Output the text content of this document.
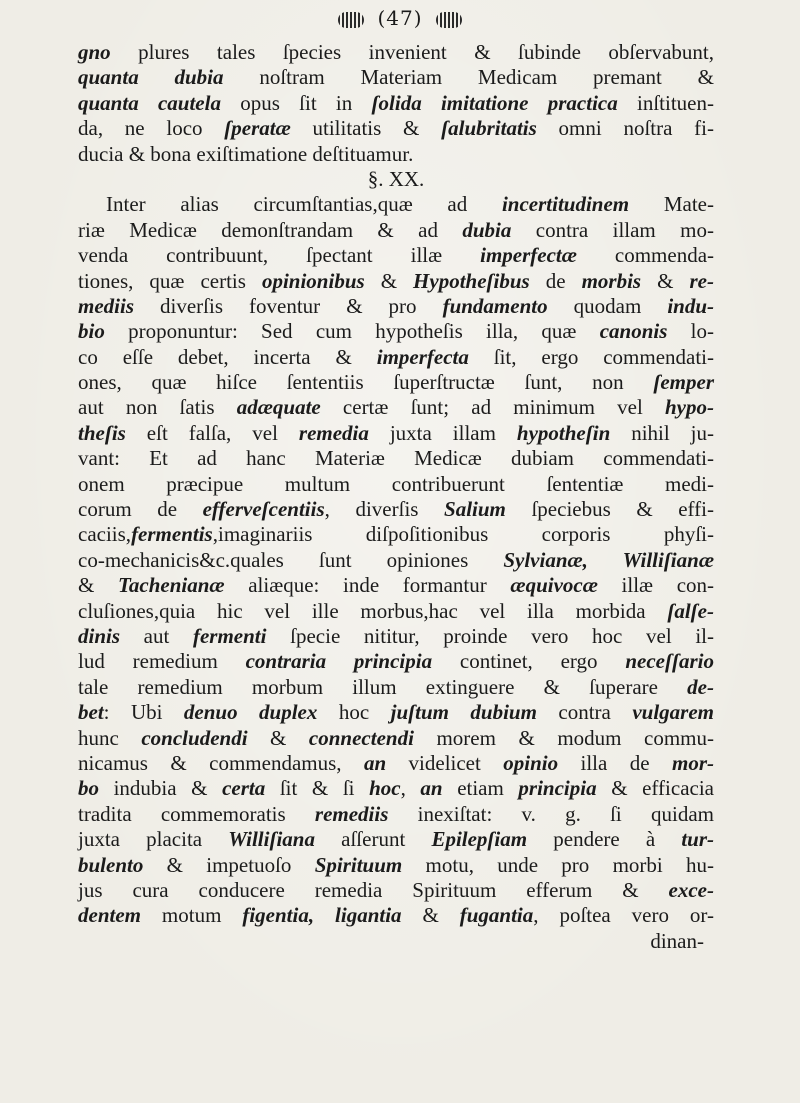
(47)
gno plures tales ſpecies invenient & ſubinde obſervabunt,
quanta dubia noſtram Materiam Medicam premant &
quanta cautela opus ſit in ſolida imitatione practica inſtituen-
da, ne loco ſperatæ utilitatis & ſalubritatis omni noſtra fi-
ducia & bona exiſtimatione deſtituamur.
§. XX.
Inter alias circumſtantias,quæ ad incertitudinem Mate-
riæ Medicæ demonſtrandam & ad dubia contra illam mo-
venda contribuunt, ſpectant illæ imperfectæ commenda-
tiones, quæ certis opinionibus & Hypotheſibus de morbis & re-
mediis diverſis foventur & pro fundamento quodam indu-
bio proponuntur: Sed cum hypotheſis illa, quæ canonis lo-
co eſſe debet, incerta & imperfecta ſit, ergo commendati-
ones, quæ hiſce ſententiis ſuperſtructæ ſunt, non ſemper
aut non ſatis adæquate certæ ſunt; ad minimum vel hypo-
theſis eſt falſa, vel remedia juxta illam hypotheſin nihil ju-
vant: Et ad hanc Materiæ Medicæ dubiam commendati-
onem præcipue multum contribuerunt ſententiæ medi-
corum de efferveſcentiis, diverſis Salium ſpeciebus & effi-
caciis,fermentis,imaginariis diſpoſitionibus corporis phyſi-
co-mechanicis&c.quales ſunt opiniones Sylvianæ, Williſianæ
& Tachenianæ aliæque: inde formantur æquivocæ illæ con-
cluſiones,quia hic vel ille morbus,hac vel illa morbida ſalſe-
dinis aut fermenti ſpecie nititur, proinde vero hoc vel il-
lud remedium contraria principia continet, ergo neceſſario
tale remedium morbum illum extinguere & ſuperare de-
bet: Ubi denuo duplex hoc juſtum dubium contra vulgarem
hunc concludendi & connectendi morem & modum commu-
nicamus & commendamus, an videlicet opinio illa de mor-
bo indubia & certa ſit & ſi hoc, an etiam principia & efficacia
tradita commemoratis remediis inexiſtat: v. g. ſi quidam
juxta placita Williſiana aſſerunt Epilepſiam pendere à tur-
bulento & impetuoſo Spirituum motu, unde pro morbi hu-
jus cura conducere remedia Spirituum efferum & exce-
dentem motum figentia, ligantia & fugantia, poſtea vero or-
dinan-
